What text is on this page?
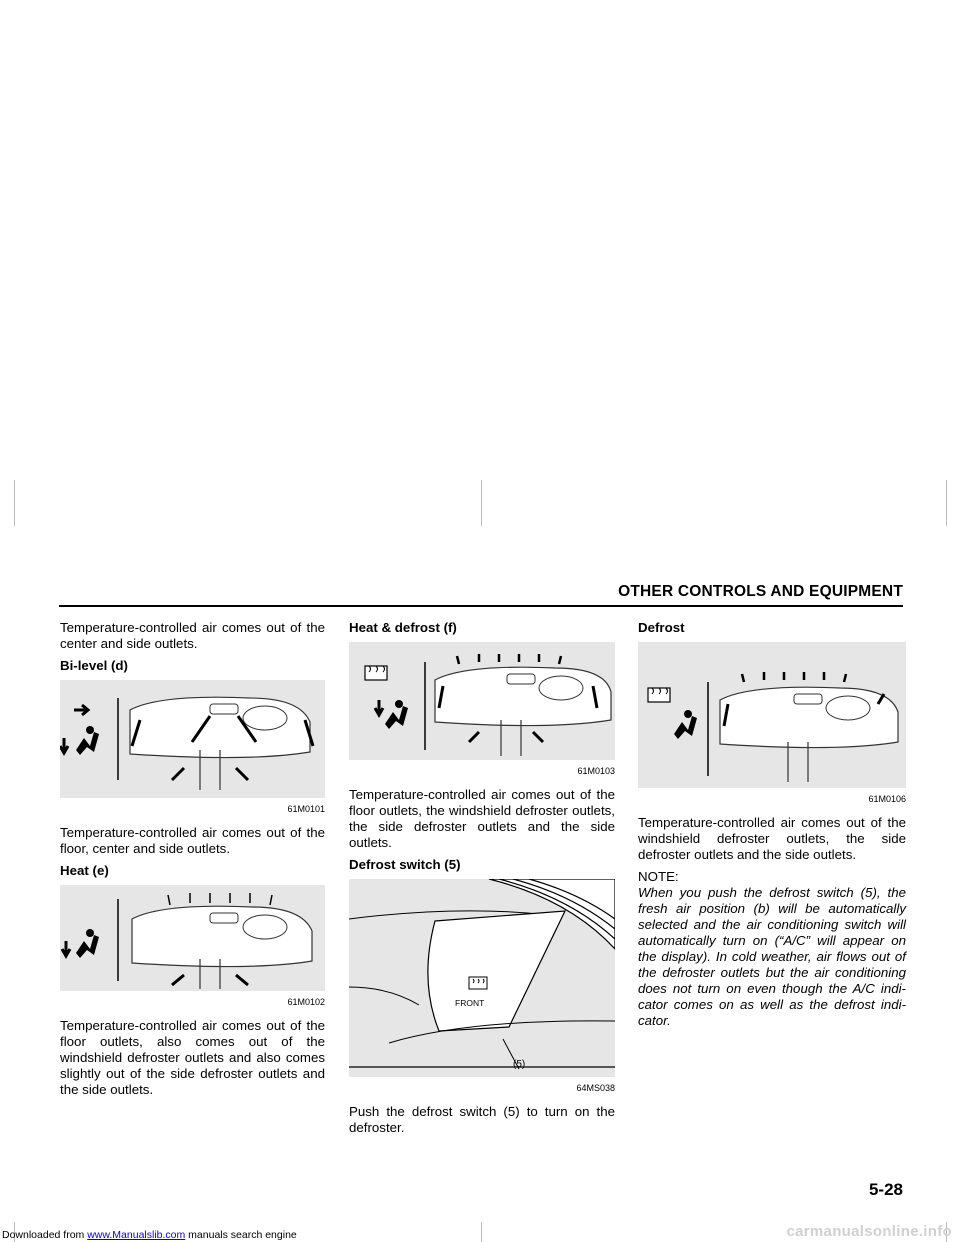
OTHER CONTROLS AND EQUIPMENT

Temperature-controlled air comes out of the center and side outlets.

Bi-level (d)
61M0101

Temperature-controlled air comes out of the floor, center and side outlets.

Heat (e)
61M0102

Temperature-controlled air comes out of the floor outlets, also comes out of the windshield defroster outlets and also comes slightly out of the side defroster outlets and the side outlets.

Heat & defrost (f)
61M0103

Temperature-controlled air comes out of the floor outlets, the windshield defroster outlets, the side defroster outlets and the side outlets.

Defrost switch (5)
FRONT
(5)
64MS038

Push the defrost switch (5) to turn on the defroster.

Defrost
61M0106

Temperature-controlled air comes out of the windshield defroster outlets, the side defroster outlets and the side outlets.

NOTE:

When you push the defrost switch (5), the fresh air position (b) will be automatically selected and the air conditioning switch will automatically turn on (“A/C” will appear on the display). In cold weather, air flows out of the defroster outlets but the air conditioning does not turn on even though the A/C indi-cator comes on as well as the defrost indi-cator.

5-28
Downloaded from www.Manualslib.com manuals search engine	carmanualsonline.info
